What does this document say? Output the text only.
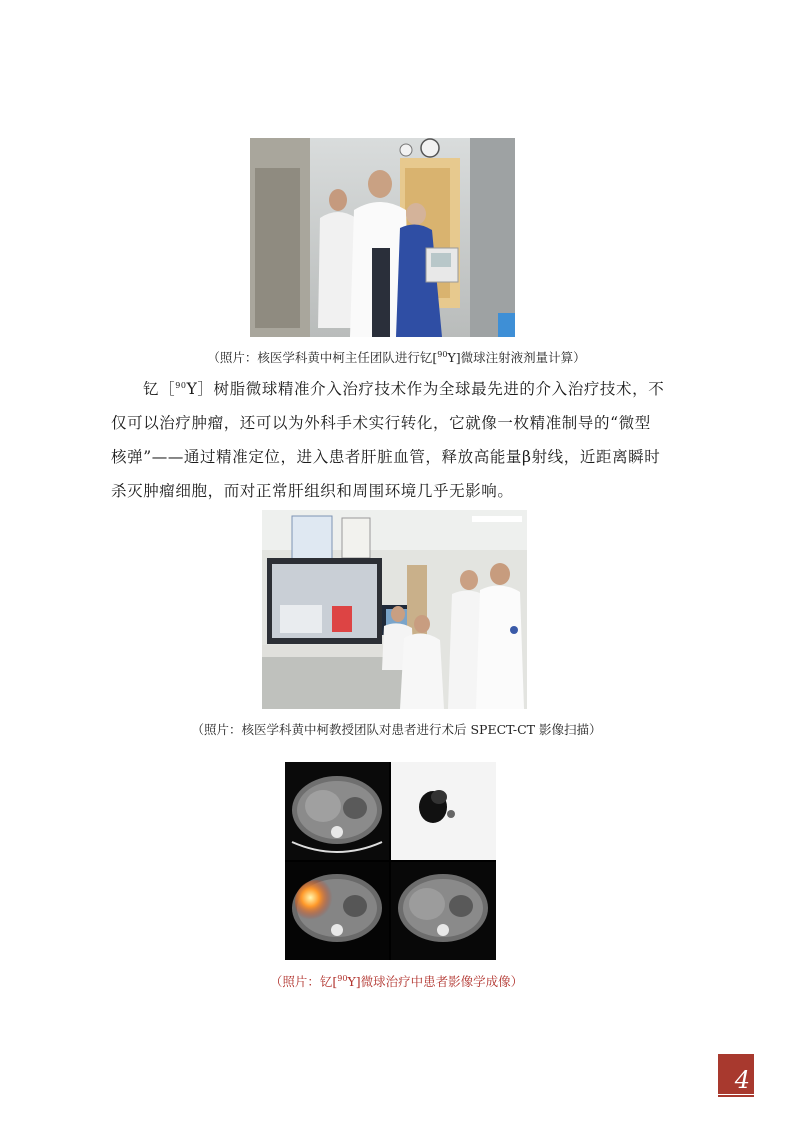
（照片：核医学科黄中柯主任团队进行钇[$^{90}$Y]微球注射液剂量计算）
钇［$^{90}$Y］树脂微球精准介入治疗技术作为全球最先进的介入治疗技术，不
仅可以治疗肿瘤，还可以为外科手术实行转化，它就像一枚精准制导的“微型
核弹”——通过精准定位，进入患者肝脏血管，释放高能量β射线，近距离瞬时
杀灭肿瘤细胞，而对正常肝组织和周围环境几乎无影响。
（照片：核医学科黄中柯教授团队对患者进行术后 SPECT-CT 影像扫描）
（照片：钇[$^{90}$Y]微球治疗中患者影像学成像）
4
